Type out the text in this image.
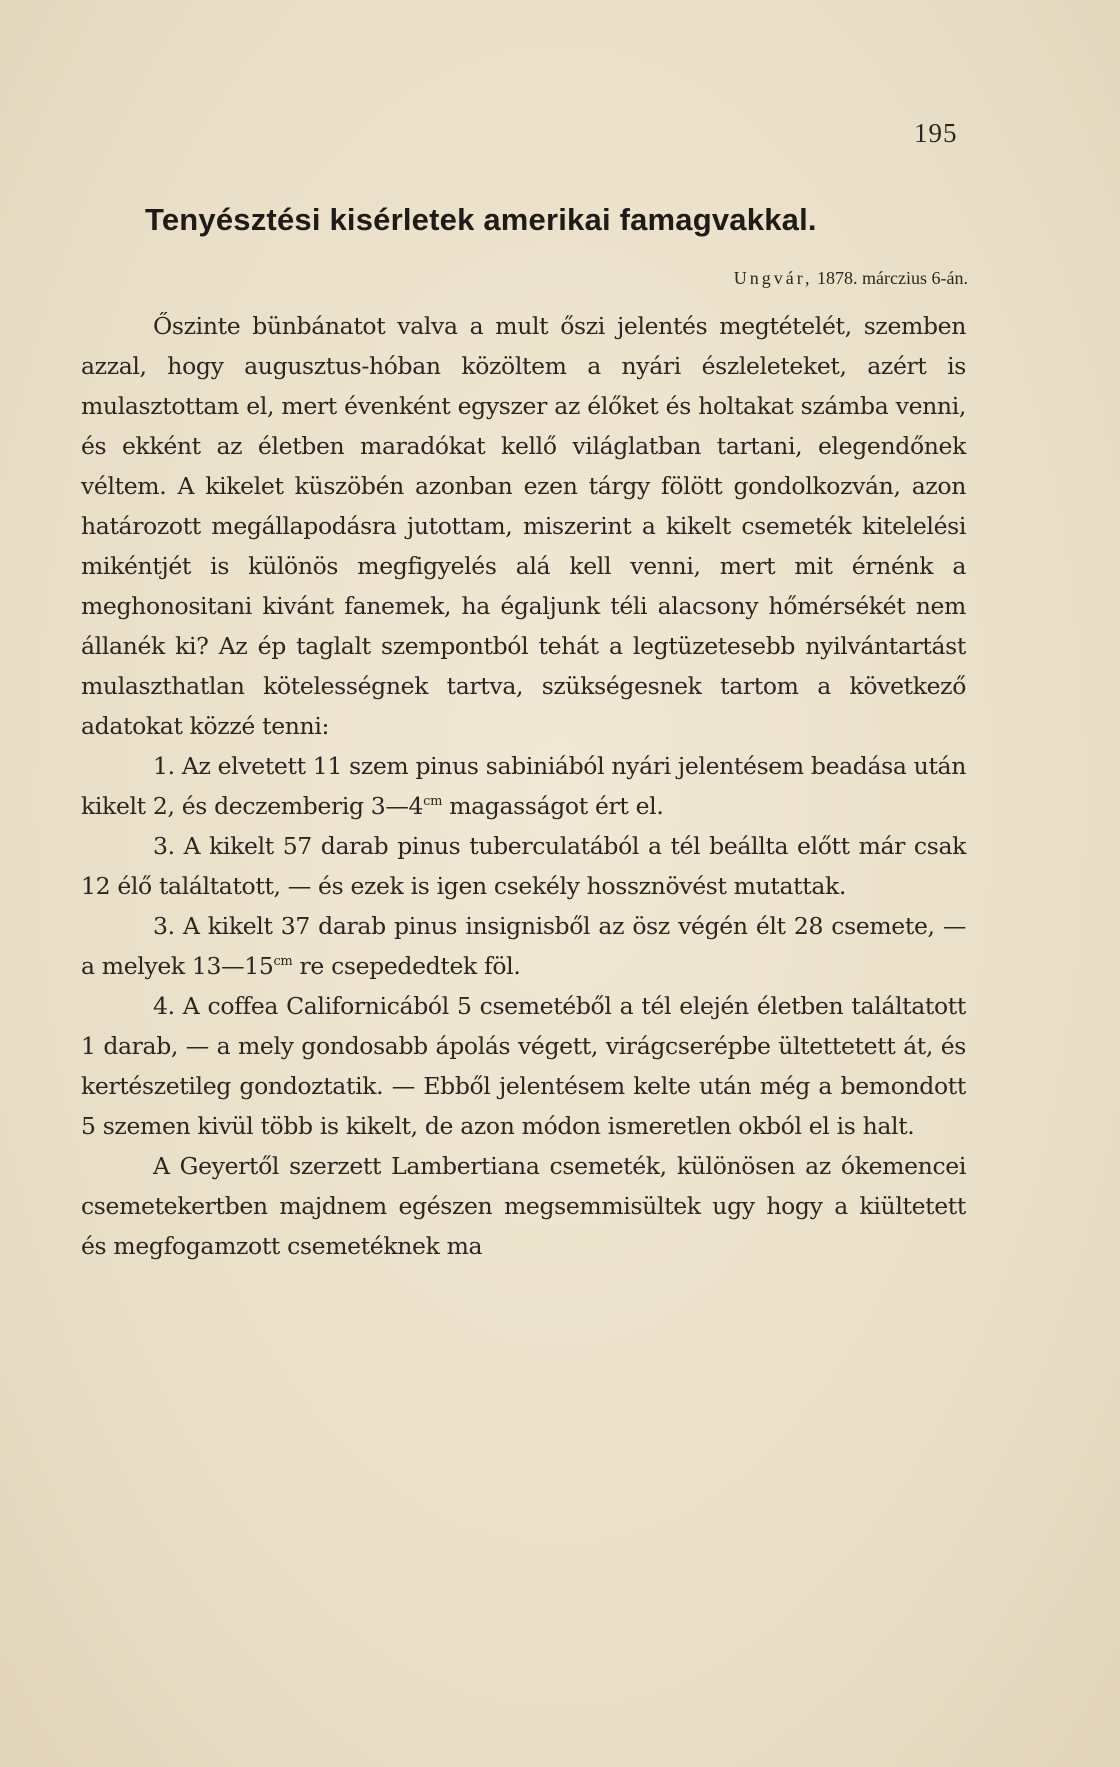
195
Tenyésztési kisérletek amerikai famagvakkal.
Ungvár, 1878. márczius 6-án.

Őszinte bünbánatot valva a mult őszi jelentés megtételét, szemben azzal, hogy augusztus-hóban közöltem a nyári észleleteket, azért is mulasztottam el, mert évenként egyszer az élőket és holtakat számba venni, és ekként az életben maradókat kellő világlatban tartani, elegendőnek véltem. A kikelet küszöbén azonban ezen tárgy fölött gondolkozván, azon határozott megállapodásra jutottam, miszerint a kikelt csemeték kitelelési mikéntjét is különös megfigyelés alá kell venni, mert mit érnénk a meghonositani kivánt fanemek, ha égaljunk téli alacsony hőmérsékét nem állanék ki? Az ép taglalt szempontból tehát a legtüzetesebb nyilvántartást mulaszthatlan kötelességnek tartva, szükségesnek tartom a következő adatokat közzé tenni:

1. Az elvetett 11 szem pinus sabiniából nyári jelentésem beadása után kikelt 2, és deczemberig $3—4^{cm}$ magasságot ért el.

3. A kikelt 57 darab pinus tuberculatából a tél beállta előtt már csak 12 élő találtatott, — és ezek is igen csekély hossznövést mutattak.

3. A kikelt 37 darab pinus insignisből az ösz végén élt 28 csemete, — a melyek $13—15^{cm}$ re csepededtek föl.

4. A coffea Californicából 5 csemetéből a tél elején életben találtatott 1 darab, — a mely gondosabb ápolás végett, virágcserépbe ültettetett át, és kertészetileg gondoztatik. — Ebből jelentésem kelte után még a bemondott 5 szemen kivül több is kikelt, de azon módon ismeretlen okból el is halt.

A Geyertől szerzett Lambertiana csemeték, különösen az ókemencei csemetekertben majdnem egészen megsemmisültek ugy hogy a kiültetett és megfogamzott csemetéknek ma
